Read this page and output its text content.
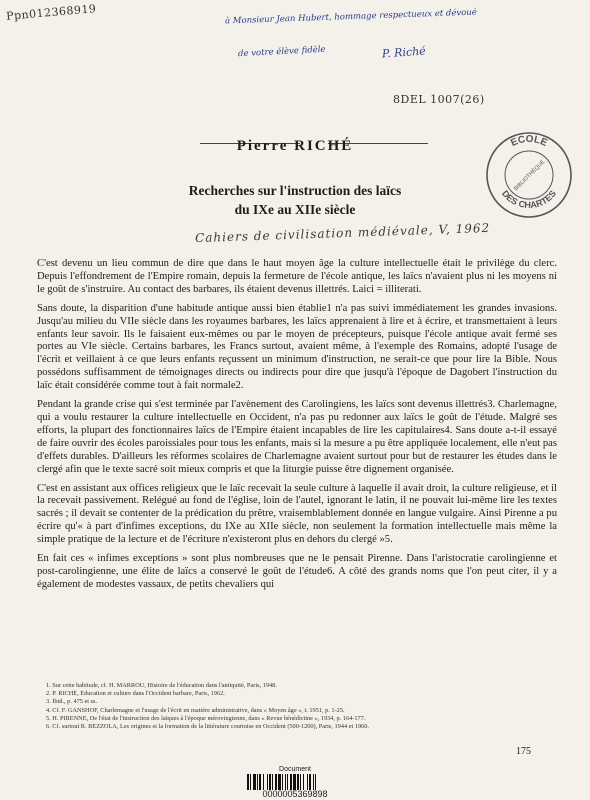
Ppn012368919	à Monsieur Jean Hubert, hommage respectueux et dévoué
de votre élève fidèle	P. Riché
8DEL 1007(26)
ECOLE
DES CHARTES
BIBLIOTHÈQUE
Pierre RICHÉ
Recherches sur l'instruction des laïcs
du IXe au XIIe siècle
Cahiers de civilisation médiévale, V, 1962

C'est devenu un lieu commun de dire que dans le haut moyen âge la culture intellectuelle était le privilège du clerc. Depuis l'effondrement de l'Empire romain, depuis la fermeture de l'école antique, les laïcs n'avaient plus ni les moyens ni le goût de s'instruire. Au contact des barbares, ils étaient devenus illettrés. Laici = illiterati.

Sans doute, la disparition d'une habitude antique aussi bien établie1 n'a pas suivi immédiatement les grandes invasions. Jusqu'au milieu du VIIe siècle dans les royaumes barbares, les laïcs apprenaient à lire et à écrire, et transmettaient à leurs enfants leur savoir. Ils le faisaient eux-mêmes ou par le moyen de précepteurs, puisque l'école antique avait fermé ses portes au VIe siècle. Certains barbares, les Francs surtout, avaient même, à l'exemple des Romains, adopté l'usage de l'écrit et veillaient à ce que leurs enfants reçussent un minimum d'instruction, ne serait-ce que pour lire la Bible. Nous possédons suffisamment de témoignages directs ou indirects pour dire que jusqu'à l'époque de Dagobert l'instruction du laïc était considérée comme tout à fait normale2.

Pendant la grande crise qui s'est terminée par l'avènement des Carolingiens, les laïcs sont devenus illettrés3. Charlemagne, qui a voulu restaurer la culture intellectuelle en Occident, n'a pas pu redonner aux laïcs le goût de l'étude. Malgré ses efforts, la plupart des fonctionnaires laïcs de l'Empire étaient incapables de lire les capitulaires4. Sans doute a-t-il essayé de faire ouvrir des écoles paroissiales pour tous les enfants, mais si la mesure a pu être appliquée localement, elle n'eut pas d'effets durables. D'ailleurs les réformes scolaires de Charlemagne avaient surtout pour but de restaurer les études dans le clergé afin que le texte sacré soit mieux compris et que la liturgie puisse être dignement organisée.

C'est en assistant aux offices religieux que le laïc recevait la seule culture à laquelle il avait droit, la culture religieuse, et il la recevait passivement. Relégué au fond de l'église, loin de l'autel, ignorant le latin, il ne pouvait lui-même lire les textes sacrés ; il devait se contenter de la prédication du prêtre, vraisemblablement donnée en langue vulgaire. Ainsi Pirenne a pu écrire qu'« à part d'infimes exceptions, du IXe au XIIe siècle, non seulement la formation intellectuelle mais même la simple pratique de la lecture et de l'écriture n'existeront plus en dehors du clergé »5.

En fait ces « infimes exceptions » sont plus nombreuses que ne le pensait Pirenne. Dans l'aristocratie carolingienne et post-carolingienne, une élite de laïcs a conservé le goût de l'étude6. A côté des grands noms que l'on peut citer, il y a également de modestes vassaux, de petits chevaliers qui

1. Sur cette habitude, cf. H. MARROU, Histoire de l'éducation dans l'antiquité, Paris, 1948.
2. P. RICHÉ, Éducation et culture dans l'Occident barbare, Paris, 1962.
3. Ibid., p. 475 et ss.
4. Cf. F. GANSHOF, Charlemagne et l'usage de l'écrit en matière administrative, dans « Moyen âge », t. 1951, p. 1-25.
5. H. PIRENNE, De l'état de l'instruction des laïques à l'époque mérovingienne, dans « Revue bénédictine », 1934, p. 164-177.
6. Cf. surtout R. BEZZOLA, Les origines et la formation de la littérature courtoise en Occident (500-1200), Paris, 1944 et 1960.
175
Document
0000005369898
